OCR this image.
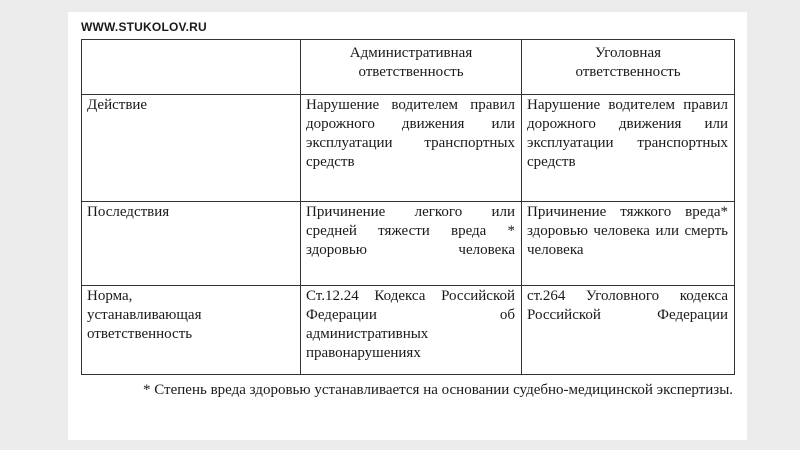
WWW.STUKOLOV.RU
	Административная ответственность	Уголовная ответственность
Действие	Нарушение водителем правил дорожного движения или эксплуатации транспортных средств	Нарушение водителем правил дорожного движения или эксплуатации транспортных средств
Последствия	Причинение легкого или средней тяжести вреда * здоровью человека	Причинение тяжкого вреда* здоровью человека или смерть человека
Норма, устанавливающая ответственность	Ст.12.24 Кодекса Российской Федерации об административных правонарушениях	ст.264 Уголовного кодекса Российской Федерации
* Степень вреда здоровью устанавливается на основании судебно-медицинской экспертизы.
